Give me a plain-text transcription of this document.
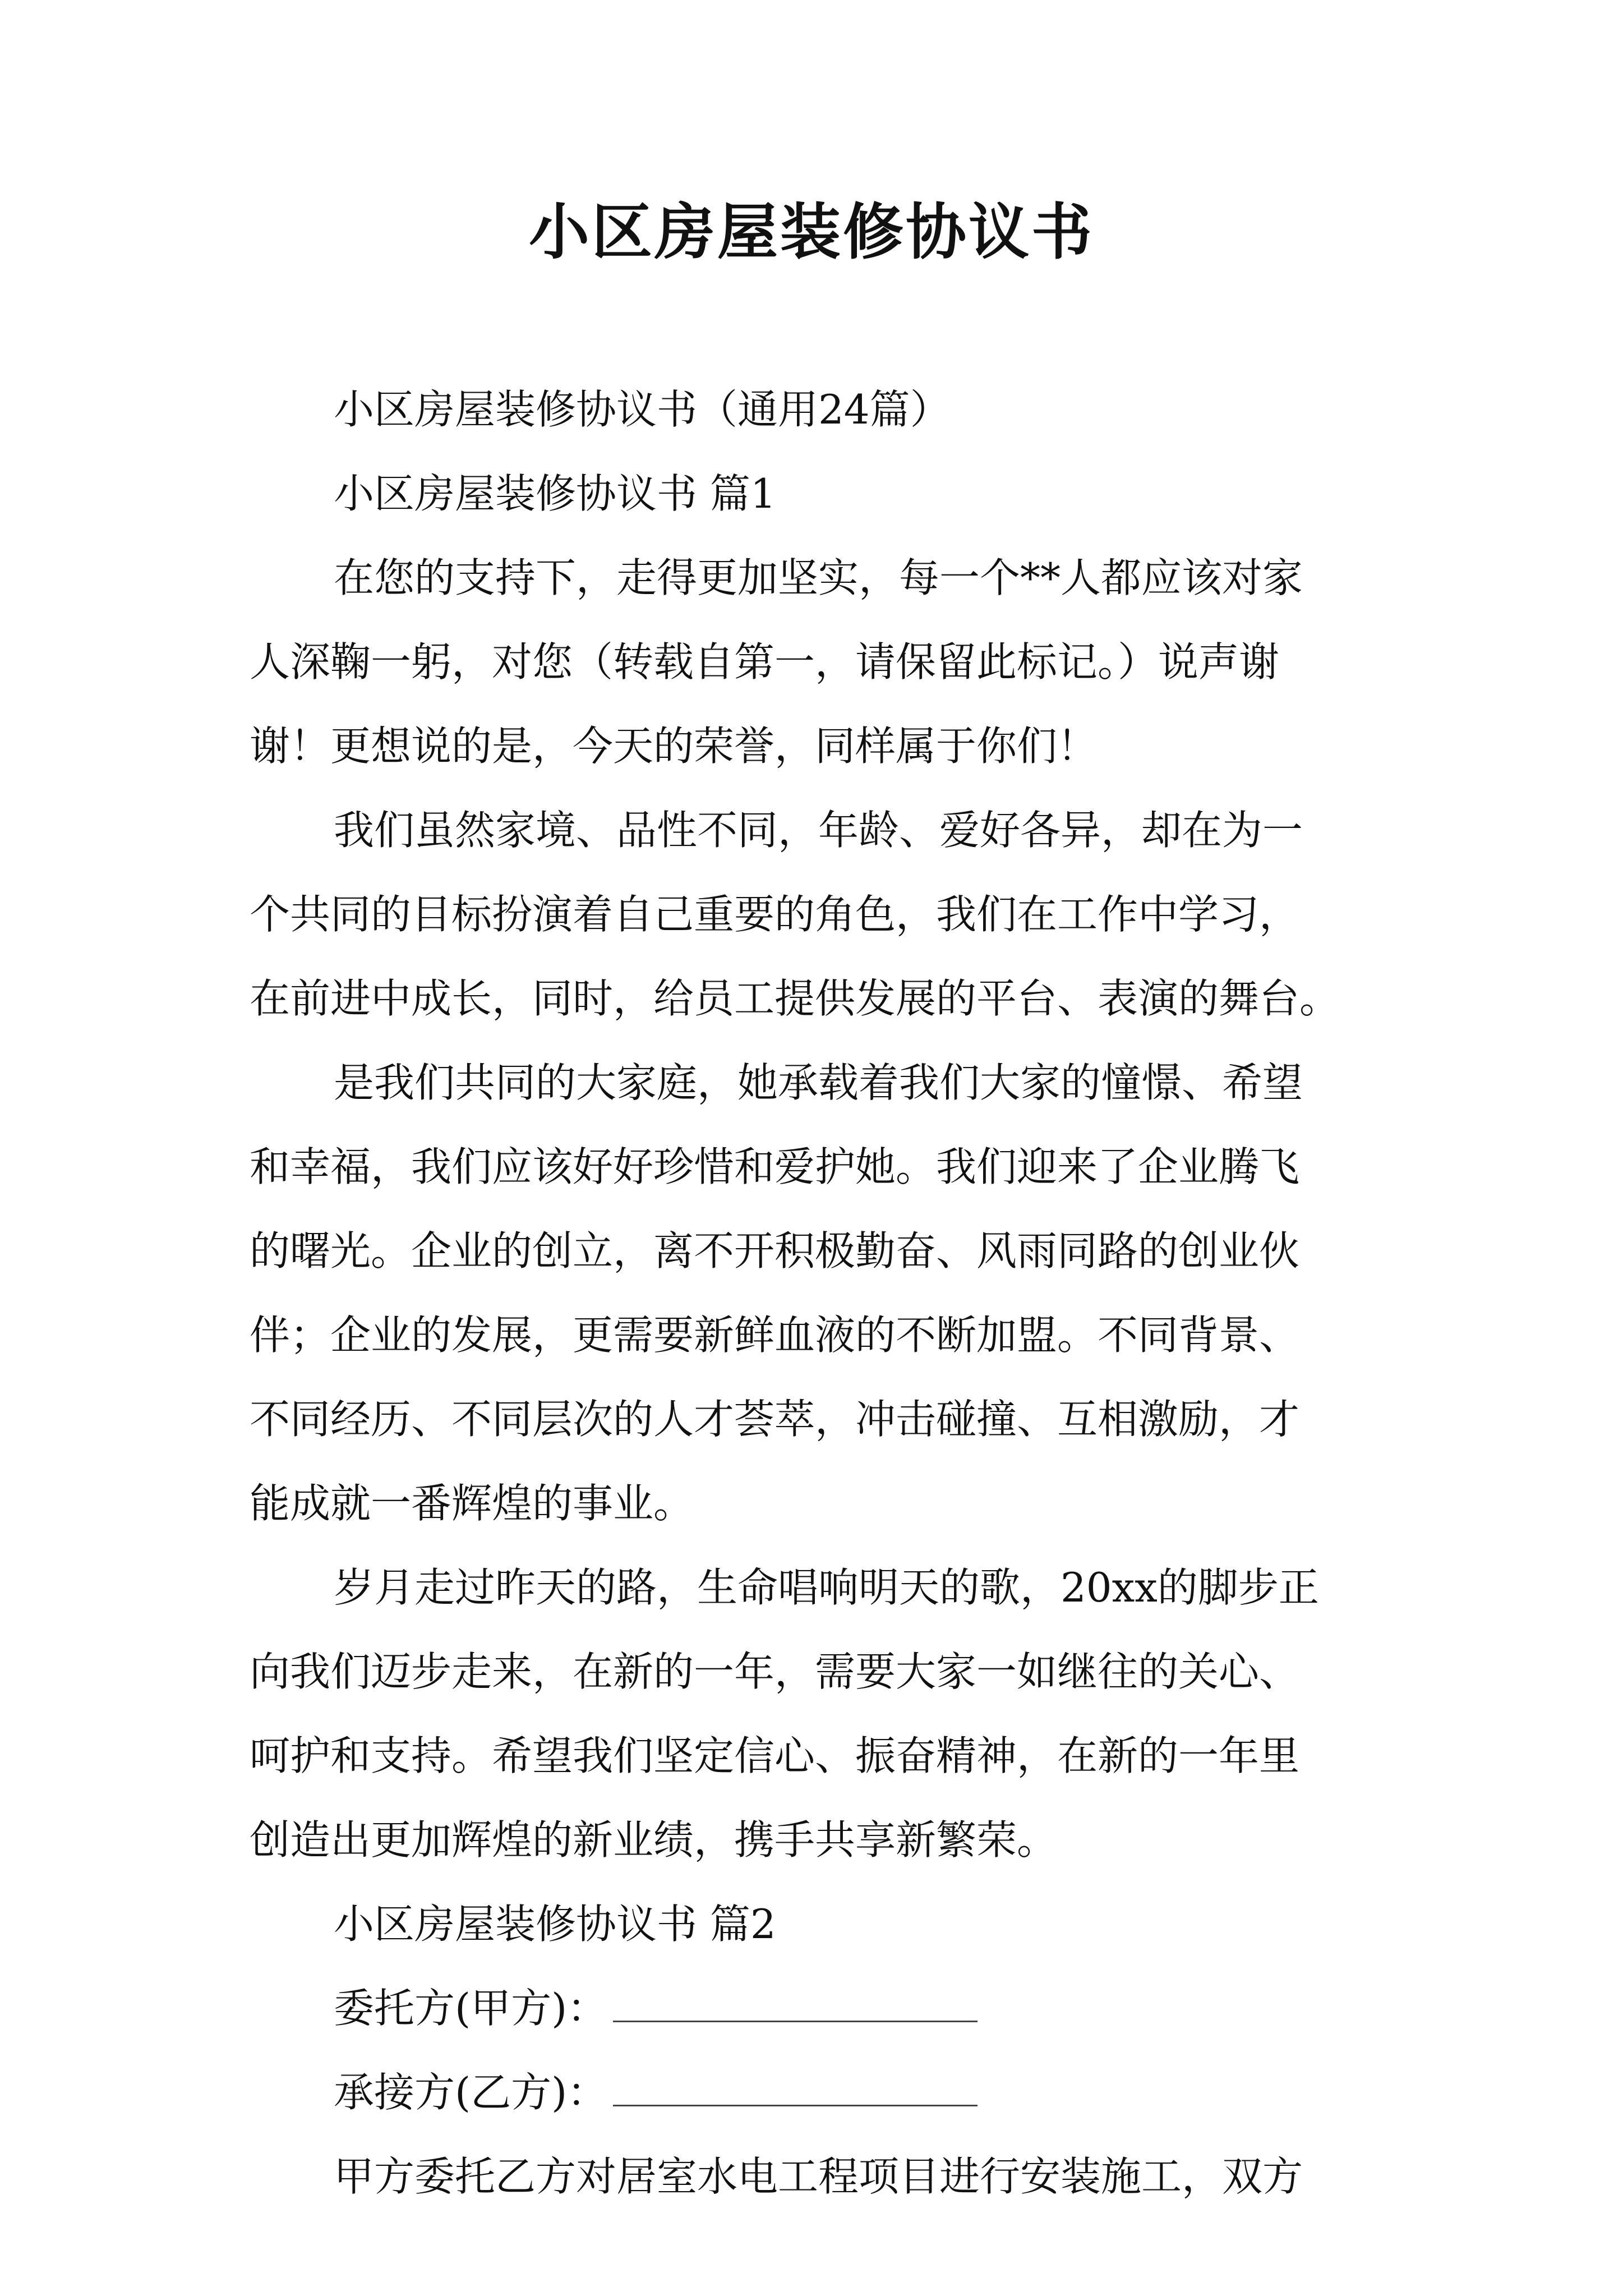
小区房屋装修协议书
小区房屋装修协议书（通用24篇）
小区房屋装修协议书 篇1
在您的支持下，走得更加坚实，每一个**人都应该对家
人深鞠一躬，对您（转载自第一，请保留此标记。）说声谢
谢！更想说的是，今天的荣誉，同样属于你们！
我们虽然家境、品性不同，年龄、爱好各异，却在为一
个共同的目标扮演着自己重要的角色，我们在工作中学习，
在前进中成长，同时，给员工提供发展的平台、表演的舞台。
是我们共同的大家庭，她承载着我们大家的憧憬、希望
和幸福，我们应该好好珍惜和爱护她。我们迎来了企业腾飞
的曙光。企业的创立，离不开积极勤奋、风雨同路的创业伙
伴；企业的发展，更需要新鲜血液的不断加盟。不同背景、
不同经历、不同层次的人才荟萃，冲击碰撞、互相激励，才
能成就一番辉煌的事业。
岁月走过昨天的路，生命唱响明天的歌，20xx的脚步正
向我们迈步走来，在新的一年，需要大家一如继往的关心、
呵护和支持。希望我们坚定信心、振奋精神，在新的一年里
创造出更加辉煌的新业绩，携手共享新繁荣。
小区房屋装修协议书 篇2
委托方(甲方)：
承接方(乙方)：
甲方委托乙方对居室水电工程项目进行安装施工，双方
